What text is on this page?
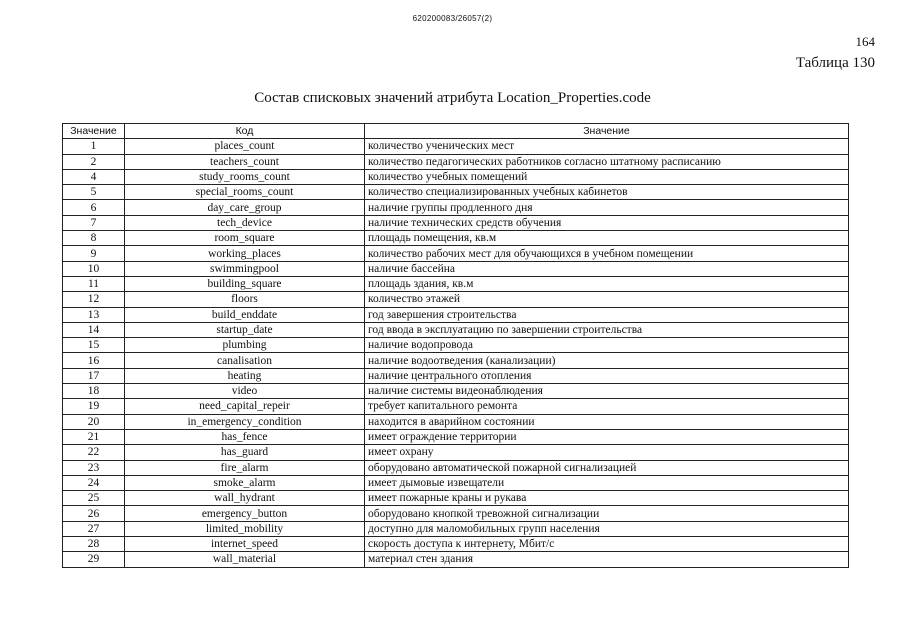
620200083/26057(2)
164
Таблица 130
Состав списковых значений атрибута Location_Properties.code
Значение	Код	Значение
1	places_count	количество ученических мест
2	teachers_count	количество педагогических работников согласно штатному расписанию
4	study_rooms_count	количество учебных помещений
5	special_rooms_count	количество специализированных учебных кабинетов
6	day_care_group	наличие группы продленного дня
7	tech_device	наличие технических средств обучения
8	room_square	площадь помещения, кв.м
9	working_places	количество рабочих мест для обучающихся в учебном помещении
10	swimmingpool	наличие бассейна
11	building_square	площадь здания, кв.м
12	floors	количество этажей
13	build_enddate	год завершения строительства
14	startup_date	год ввода в эксплуатацию по завершении строительства
15	plumbing	наличие водопровода
16	canalisation	наличие водоотведения (канализации)
17	heating	наличие центрального отопления
18	video	наличие системы видеонаблюдения
19	need_capital_repeir	требует капитального ремонта
20	in_emergency_condition	находится в аварийном состоянии
21	has_fence	имеет ограждение территории
22	has_guard	имеет охрану
23	fire_alarm	оборудовано автоматической пожарной сигнализацией
24	smoke_alarm	имеет дымовые извещатели
25	wall_hydrant	имеет пожарные краны и рукава
26	emergency_button	оборудовано кнопкой тревожной сигнализации
27	limited_mobility	доступно для маломобильных групп населения
28	internet_speed	скорость доступа к интернету, Мбит/с
29	wall_material	материал стен здания
